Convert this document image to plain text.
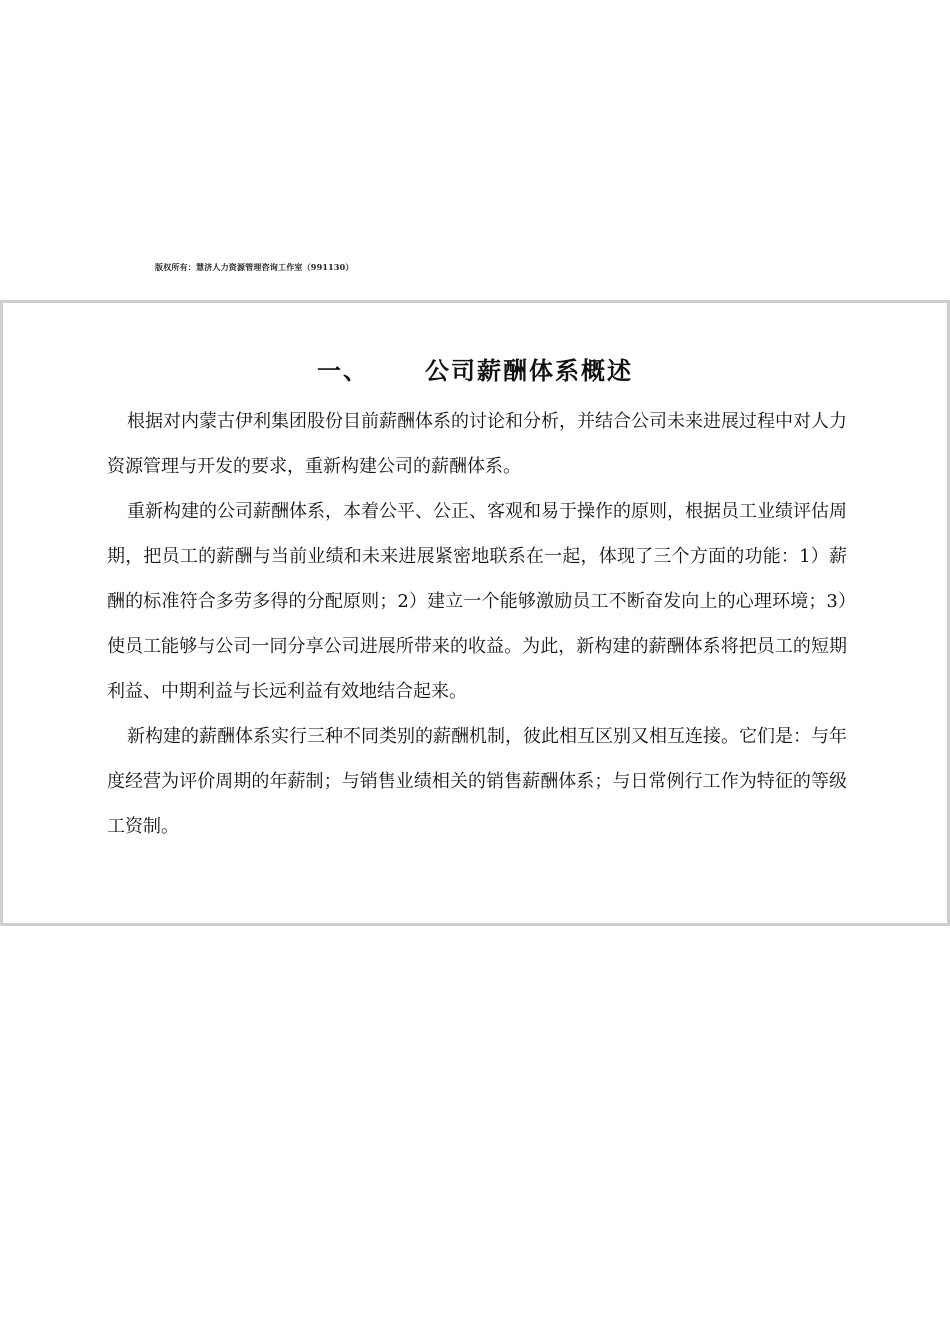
版权所有：慧济人力资源管理咨询工作室（991130）
一、 公司薪酬体系概述

根据对内蒙古伊利集团股份目前薪酬体系的讨论和分析，并结合公司未来进展过程中对人力资源管理与开发的要求，重新构建公司的薪酬体系。

重新构建的公司薪酬体系，本着公平、公正、客观和易于操作的原则，根据员工业绩评估周期，把员工的薪酬与当前业绩和未来进展紧密地联系在一起，体现了三个方面的功能：1）薪酬的标准符合多劳多得的分配原则；2）建立一个能够激励员工不断奋发向上的心理环境；3）使员工能够与公司一同分享公司进展所带来的收益。为此，新构建的薪酬体系将把员工的短期利益、中期利益与长远利益有效地结合起来。

新构建的薪酬体系实行三种不同类别的薪酬机制，彼此相互区别又相互连接。它们是：与年度经营为评价周期的年薪制；与销售业绩相关的销售薪酬体系；与日常例行工作为特征的等级工资制。
